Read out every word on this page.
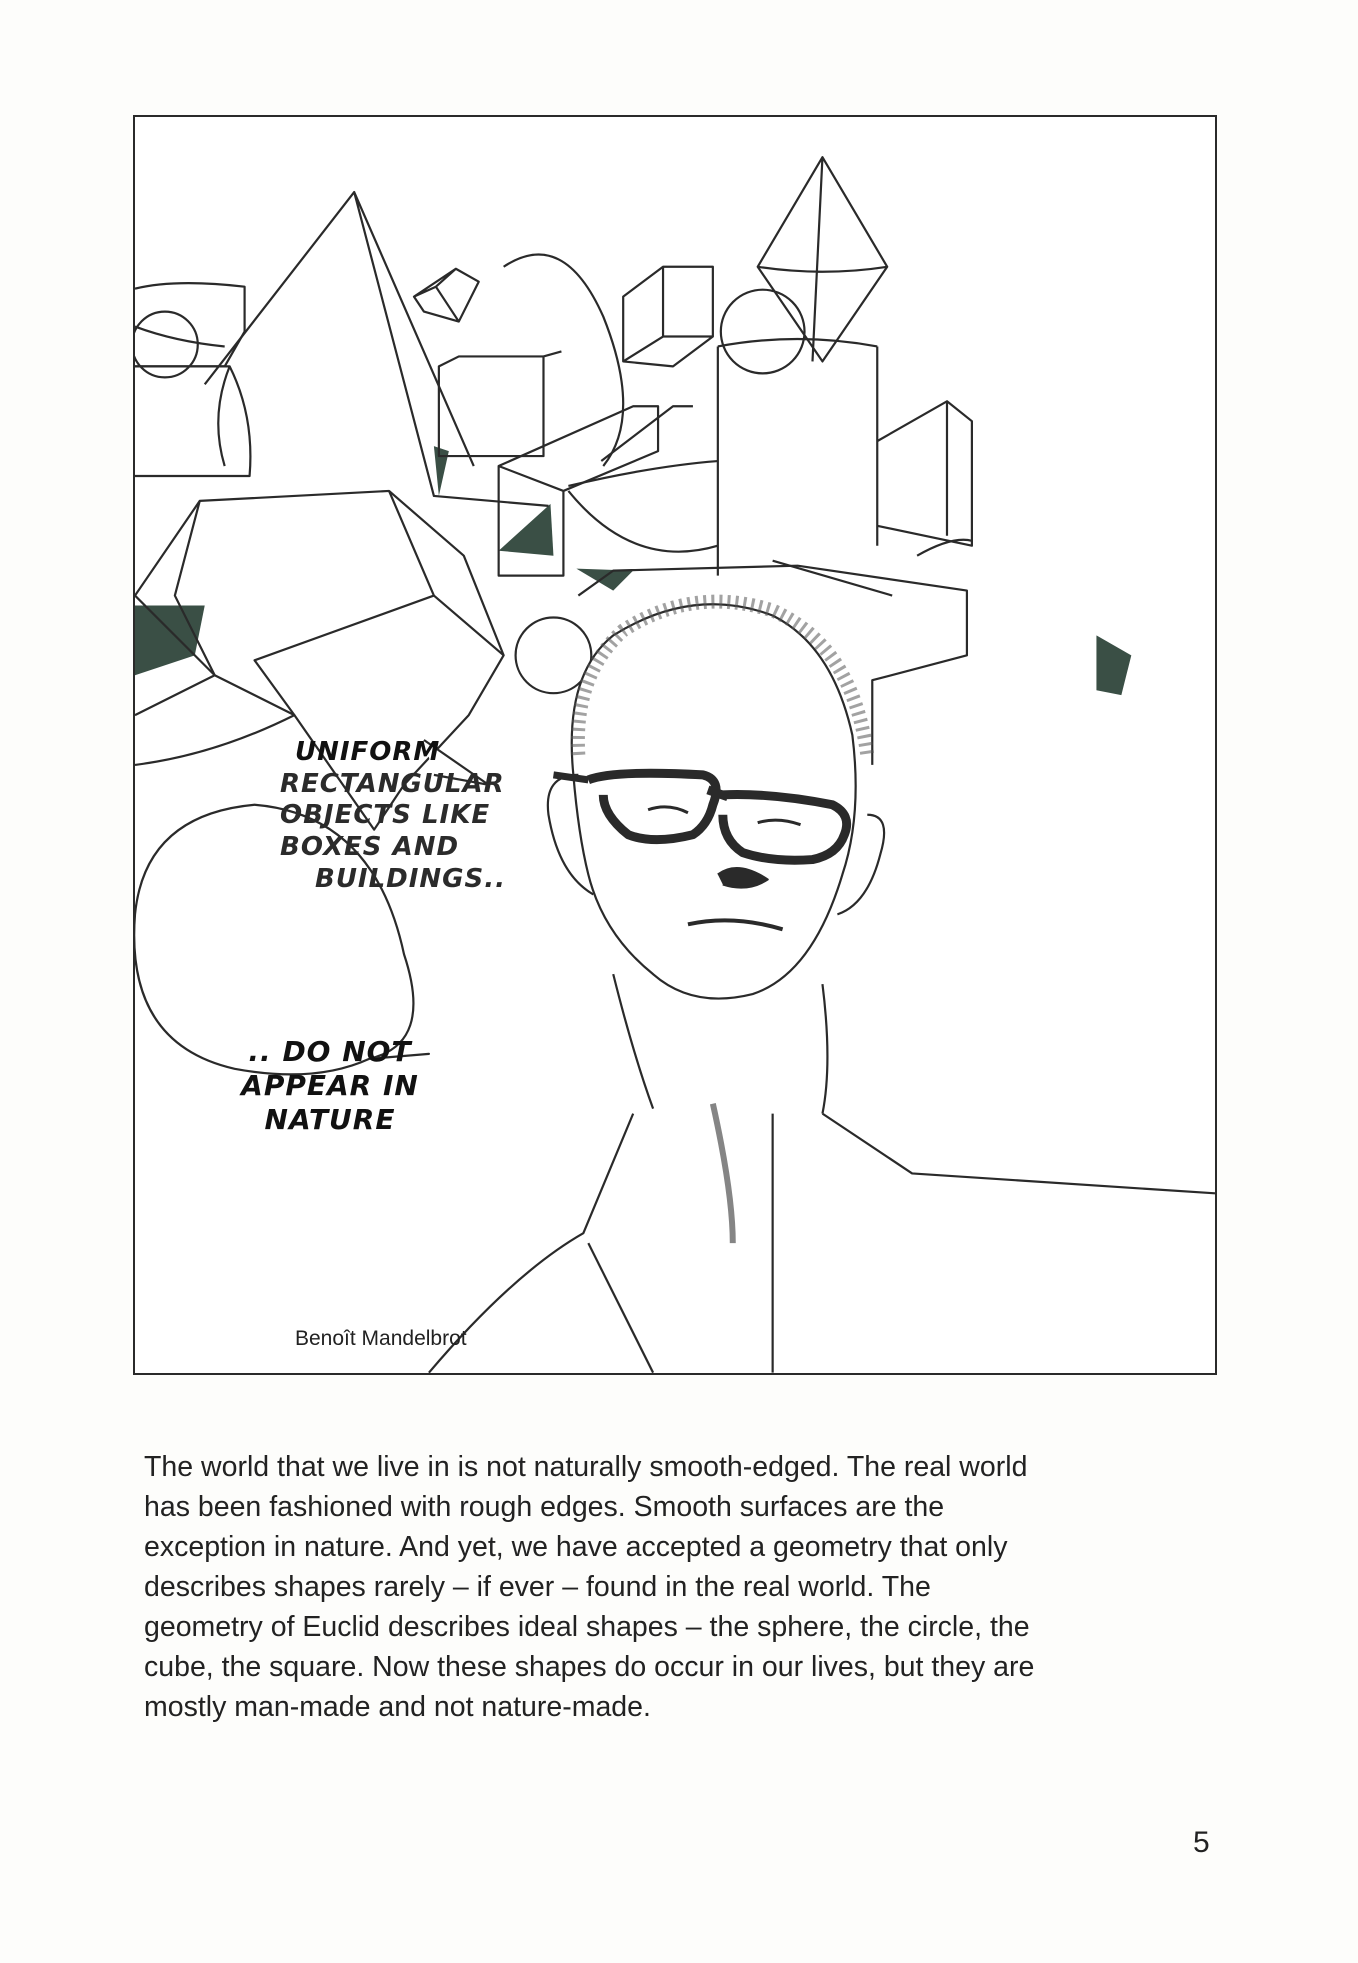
UNIFORM
RECTANGULAR
OBJECTS LIKE
BOXES AND
BUILDINGS..
.. DO NOT
APPEAR IN
NATURE
Benoît Mandelbrot
The world that we live in is not naturally smooth-edged. The real world
has been fashioned with rough edges. Smooth surfaces are the
exception in nature. And yet, we have accepted a geometry that only
describes shapes rarely – if ever – found in the real world. The
geometry of Euclid describes ideal shapes – the sphere, the circle, the
cube, the square. Now these shapes do occur in our lives, but they are
mostly man-made and not nature-made.
5
